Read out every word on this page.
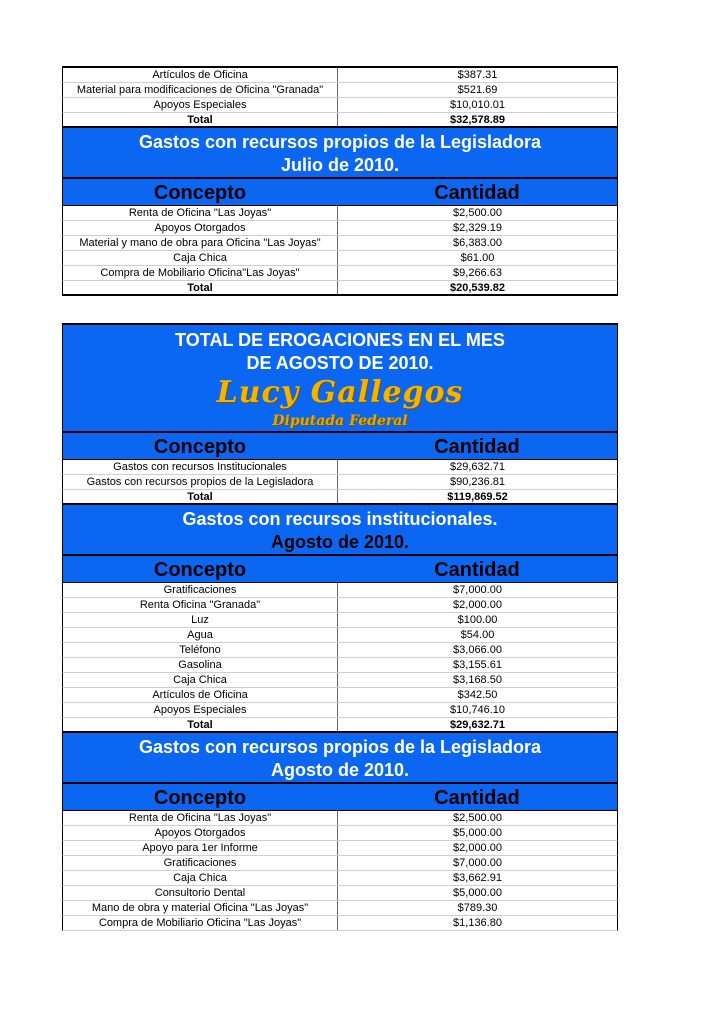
Artículos de Oficina	$387.31
Material para modificaciones de Oficina "Granada"	$521.69
Apoyos Especiales	$10,010.01
Total	$32,578.89
Gastos con recursos propios de la Legisladora
Julio de 2010.
Concepto	Cantidad
Renta de Oficina "Las Joyas"	$2,500.00
Apoyos Otorgados	$2,329.19
Material y mano de obra para Oficina "Las Joyas"	$6,383.00
Caja Chica	$61.00
Compra de Mobiliario Oficina"Las Joyas"	$9,266.63
Total	$20,539.82
TOTAL DE EROGACIONES EN EL MES
DE AGOSTO DE 2010.
Lucy Gallegos
Diputada Federal
Concepto	Cantidad
Gastos con recursos Institucionales	$29,632.71
Gastos con recursos propios de la Legisladora	$90,236.81
Total	$119,869.52
Gastos con recursos institucionales.
Agosto de 2010.
Concepto	Cantidad
Gratificaciones	$7,000.00
Renta Oficina "Granada"	$2,000.00
Luz	$100.00
Agua	$54.00
Teléfono	$3,066.00
Gasolina	$3,155.61
Caja Chica	$3,168.50
Artículos de Oficina	$342.50
Apoyos Especiales	$10,746.10
Total	$29,632.71
Gastos con recursos propios de la Legisladora
Agosto de 2010.
Concepto	Cantidad
Renta de Oficina "Las Joyas"	$2,500.00
Apoyos Otorgados	$5,000.00
Apoyo para 1er Informe	$2,000.00
Gratificaciones	$7,000.00
Caja Chica	$3,662.91
Consultorio Dental	$5,000.00
Mano de obra y material Oficina "Las Joyas"	$789.30
Compra de Mobiliario Oficina "Las Joyas"	$1,136.80
